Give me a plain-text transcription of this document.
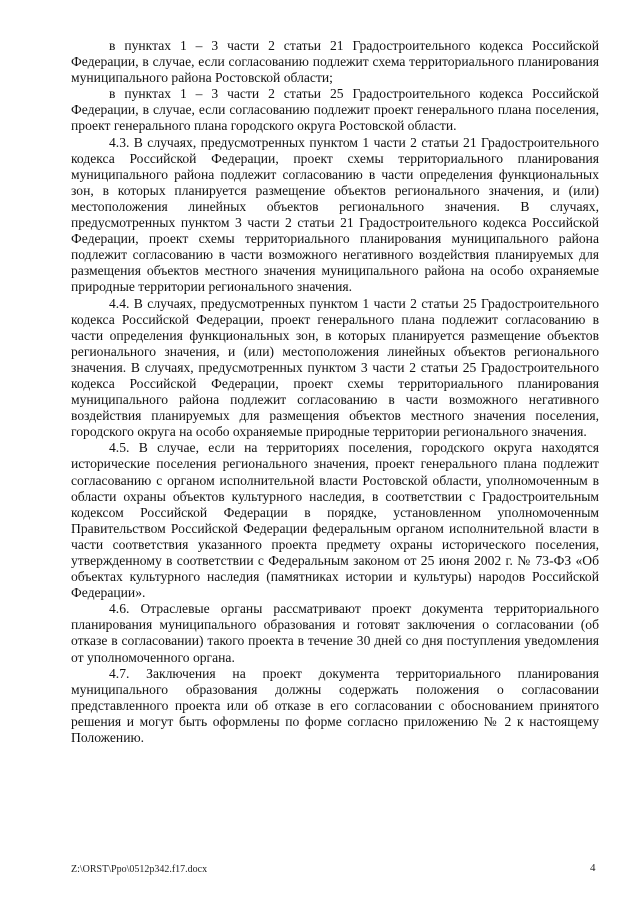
в пунктах 1 – 3 части 2 статьи 21 Градостроительного кодекса Российской Федерации, в случае, если согласованию подлежит схема территориального планирования муниципального района Ростовской области;

в пунктах 1 – 3 части 2 статьи 25 Градостроительного кодекса Российской Федерации, в случае, если согласованию подлежит проект генерального плана поселения, проект генерального плана городского округа Ростовской области.

4.3. В случаях, предусмотренных пунктом 1 части 2 статьи 21 Градостроительного кодекса Российской Федерации, проект схемы территориального планирования муниципального района подлежит согласованию в части определения функциональных зон, в которых планируется размещение объектов регионального значения, и (или) местоположения линейных объектов регионального значения. В случаях, предусмотренных пунктом 3 части 2 статьи 21 Градостроительного кодекса Российской Федерации, проект схемы территориального планирования муниципального района подлежит согласованию в части возможного негативного воздействия планируемых для размещения объектов местного значения муниципального района на особо охраняемые природные территории регионального значения.

4.4. В случаях, предусмотренных пунктом 1 части 2 статьи 25 Градостроительного кодекса Российской Федерации, проект генерального плана подлежит согласованию в части определения функциональных зон, в которых планируется размещение объектов регионального значения, и (или) местоположения линейных объектов регионального значения. В случаях, предусмотренных пунктом 3 части 2 статьи 25 Градостроительного кодекса Российской Федерации, проект схемы территориального планирования муниципального района подлежит согласованию в части возможного негативного воздействия планируемых для размещения объектов местного значения поселения, городского округа на особо охраняемые природные территории регионального значения.

4.5. В случае, если на территориях поселения, городского округа находятся исторические поселения регионального значения, проект генерального плана подлежит согласованию с органом исполнительной власти Ростовской области, уполномоченным в области охраны объектов культурного наследия, в соответствии с Градостроительным кодексом Российской Федерации в порядке, установленном уполномоченным Правительством Российской Федерации федеральным органом исполнительной власти в части соответствия указанного проекта предмету охраны исторического поселения, утвержденному в соответствии с Федеральным законом от 25 июня 2002 г. № 73-ФЗ «Об объектах культурного наследия (памятниках истории и культуры) народов Российской Федерации».

4.6. Отраслевые органы рассматривают проект документа территориального планирования муниципального образования и готовят заключения о согласовании (об отказе в согласовании) такого проекта в течение 30 дней со дня поступления уведомления от уполномоченного органа.

4.7. Заключения на проект документа территориального планирования муниципального образования должны содержать положения о согласовании представленного проекта или об отказе в его согласовании с обоснованием принятого решения и могут быть оформлены по форме согласно приложению № 2 к настоящему Положению.

Z:\ORST\Ppo\0512p342.f17.docx	4
